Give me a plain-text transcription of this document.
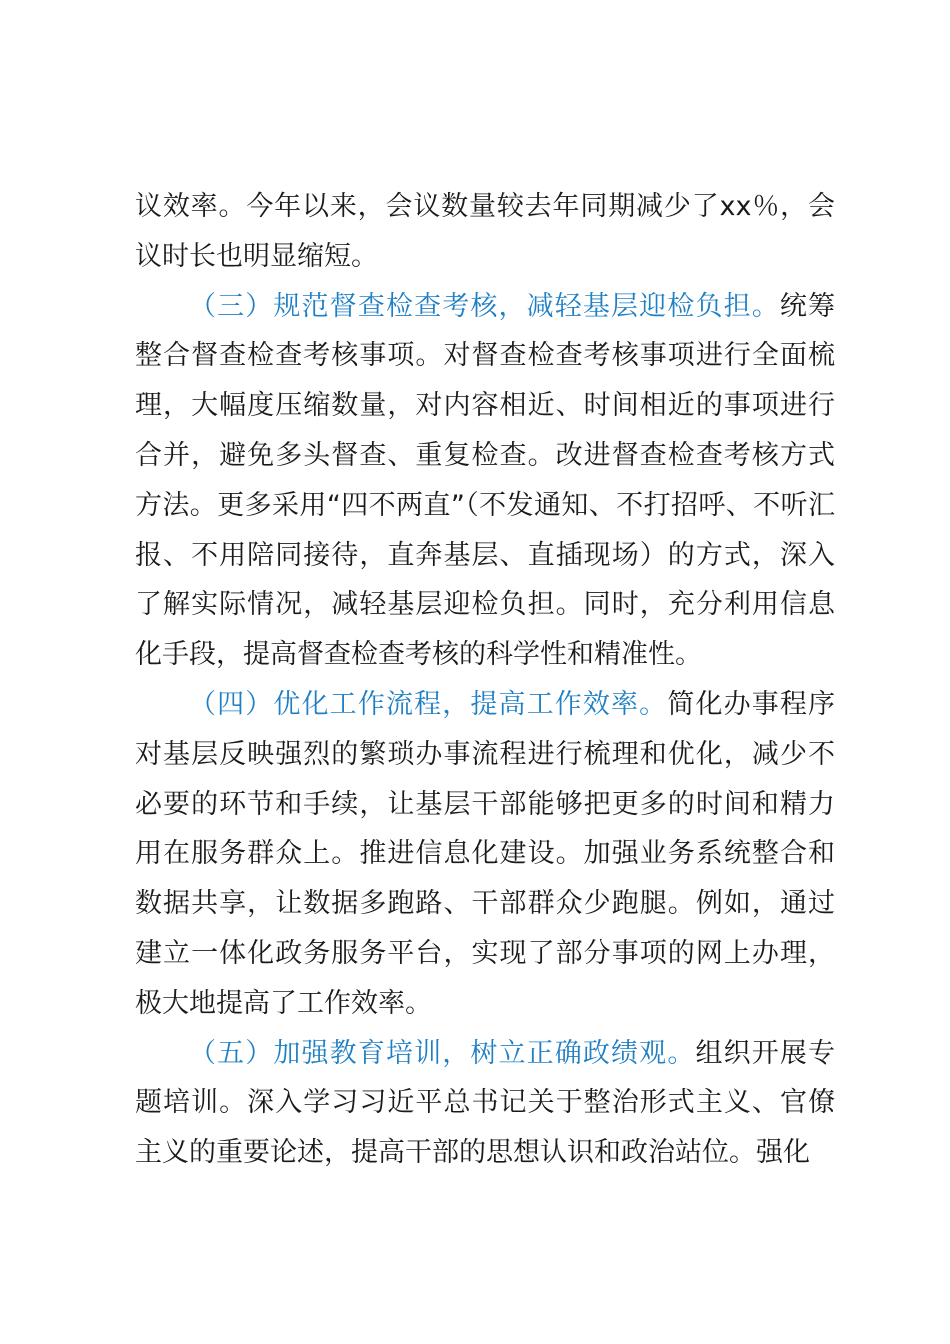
议效率。今年以来，会议数量较去年同期减少了xx％，会议时长也明显缩短。

（三）规范督查检查考核，减轻基层迎检负担。统筹整合督查检查考核事项。对督查检查考核事项进行全面梳理，大幅度压缩数量，对内容相近、时间相近的事项进行合并，避免多头督查、重复检查。改进督查检查考核方式方法。更多采用“四不两直”（不发通知、不打招呼、不听汇报、不用陪同接待，直奔基层、直插现场）的方式，深入了解实际情况，减轻基层迎检负担。同时，充分利用信息化手段，提高督查检查考核的科学性和精准性。

（四）优化工作流程，提高工作效率。简化办事程序对基层反映强烈的繁琐办事流程进行梳理和优化，减少不必要的环节和手续，让基层干部能够把更多的时间和精力用在服务群众上。推进信息化建设。加强业务系统整合和数据共享，让数据多跑路、干部群众少跑腿。例如，通过建立一体化政务服务平台，实现了部分事项的网上办理，极大地提高了工作效率。

（五）加强教育培训，树立正确政绩观。组织开展专题培训。深入学习习近平总书记关于整治形式主义、官僚主义的重要论述，提高干部的思想认识和政治站位。强化
